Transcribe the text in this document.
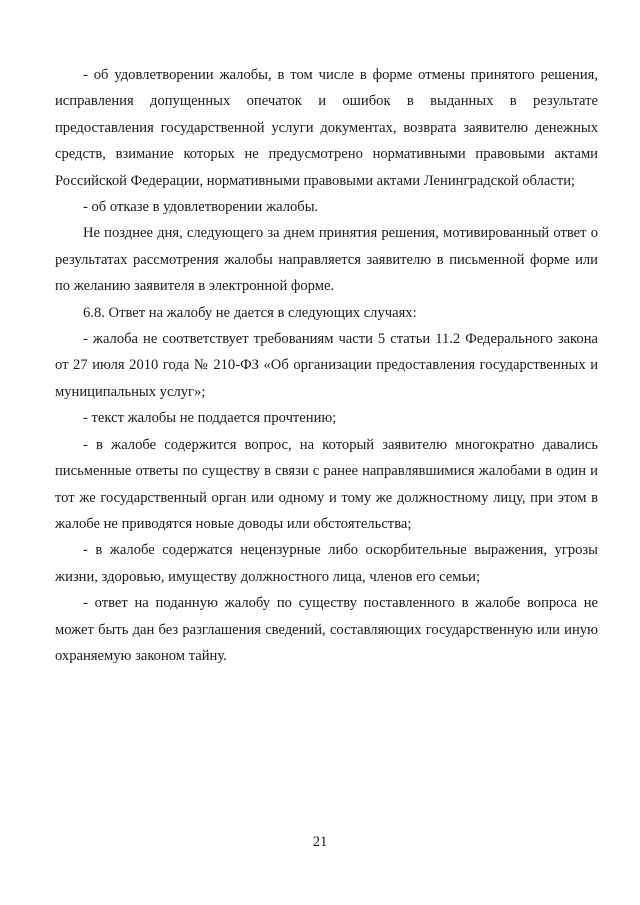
- об удовлетворении жалобы, в том числе в форме отмены принятого решения, исправления допущенных опечаток и ошибок в выданных в результате предоставления государственной услуги документах, возврата заявителю денежных средств, взимание которых не предусмотрено нормативными правовыми актами Российской Федерации, нормативными правовыми актами Ленинградской области;

- об отказе в удовлетворении жалобы.

Не позднее дня, следующего за днем принятия решения, мотивированный ответ о результатах рассмотрения жалобы направляется заявителю в письменной форме или по желанию заявителя в электронной форме.

6.8. Ответ на жалобу не дается в следующих случаях:

- жалоба не соответствует требованиям части 5 статьи 11.2 Федерального закона от 27 июля 2010 года № 210-ФЗ «Об организации предоставления государственных и муниципальных услуг»;

- текст жалобы не поддается прочтению;

- в жалобе содержится вопрос, на который заявителю многократно давались письменные ответы по существу в связи с ранее направлявшимися жалобами в один и тот же государственный орган или одному и тому же должностному лицу, при этом в жалобе не приводятся новые доводы или обстоятельства;

- в жалобе содержатся нецензурные либо оскорбительные выражения, угрозы жизни, здоровью, имуществу должностного лица, членов его семьи;

- ответ на поданную жалобу по существу поставленного в жалобе вопроса не может быть дан без разглашения сведений, составляющих государственную или иную охраняемую законом тайну.

21
